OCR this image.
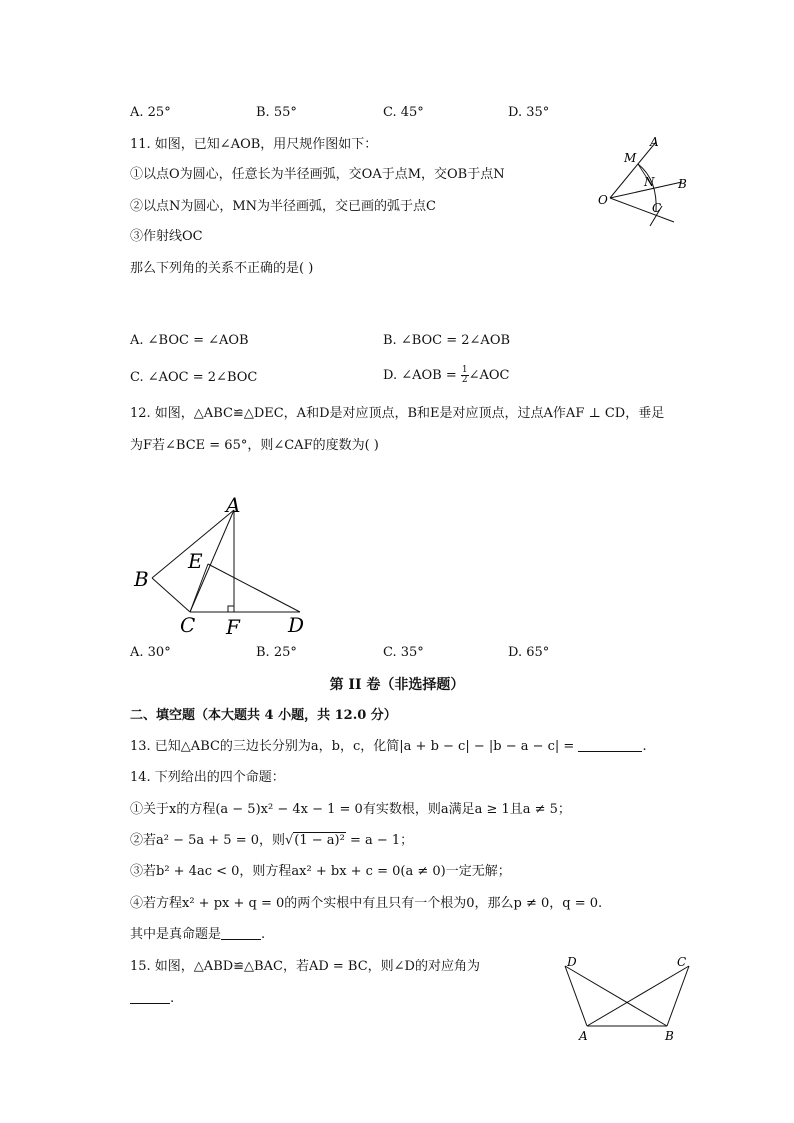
A. 25°	B. 55°	C. 45°	D. 35°
11. 如图，已知∠AOB，用尺规作图如下：
①以点O为圆心，任意长为半径画弧，交OA于点M，交OB于点N
②以点N为圆心，MN为半径画弧，交已画的弧于点C
③作射线OC
那么下列角的关系不正确的是( )
A
M
N B
O
C
A. ∠BOC = ∠AOB	B. ∠BOC = 2∠AOB
C. ∠AOC = 2∠BOC	D. ∠AOB = $\frac{1}{2}$ ∠AOC
12. 如图，△ABC≌△DEC，A和D是对应顶点，B和E是对应顶点，过点A作AF ⊥ CD，垂足
为F若∠BCE = 65°，则∠CAF的度数为( )
A
B
E
C F D
A. 30°	B. 25°	C. 35°	D. 65°
第 II 卷（非选择题）
二、填空题（本大题共 4 小题，共 12.0 分）
13. 已知△ABC的三边长分别为a，b，c，化简|a + b − c| − |b − a − c| =	.
14. 下列给出的四个命题：
①关于x的方程(a − 5)x² − 4x − 1 = 0有实数根，则a满足a ≥ 1且a ≠ 5；
②若a² − 5a + 5 = 0，则√(1 − a)² = a − 1；
③若b² + 4ac < 0，则方程ax² + bx + c = 0(a ≠ 0)一定无解；
④若方程x² + px + q = 0的两个实根中有且只有一个根为0，那么p ≠ 0，q = 0.
其中是真命题是	.
15. 如图，△ABD≌△BAC，若AD = BC，则∠D的对应角为
.
D	C
A	B
